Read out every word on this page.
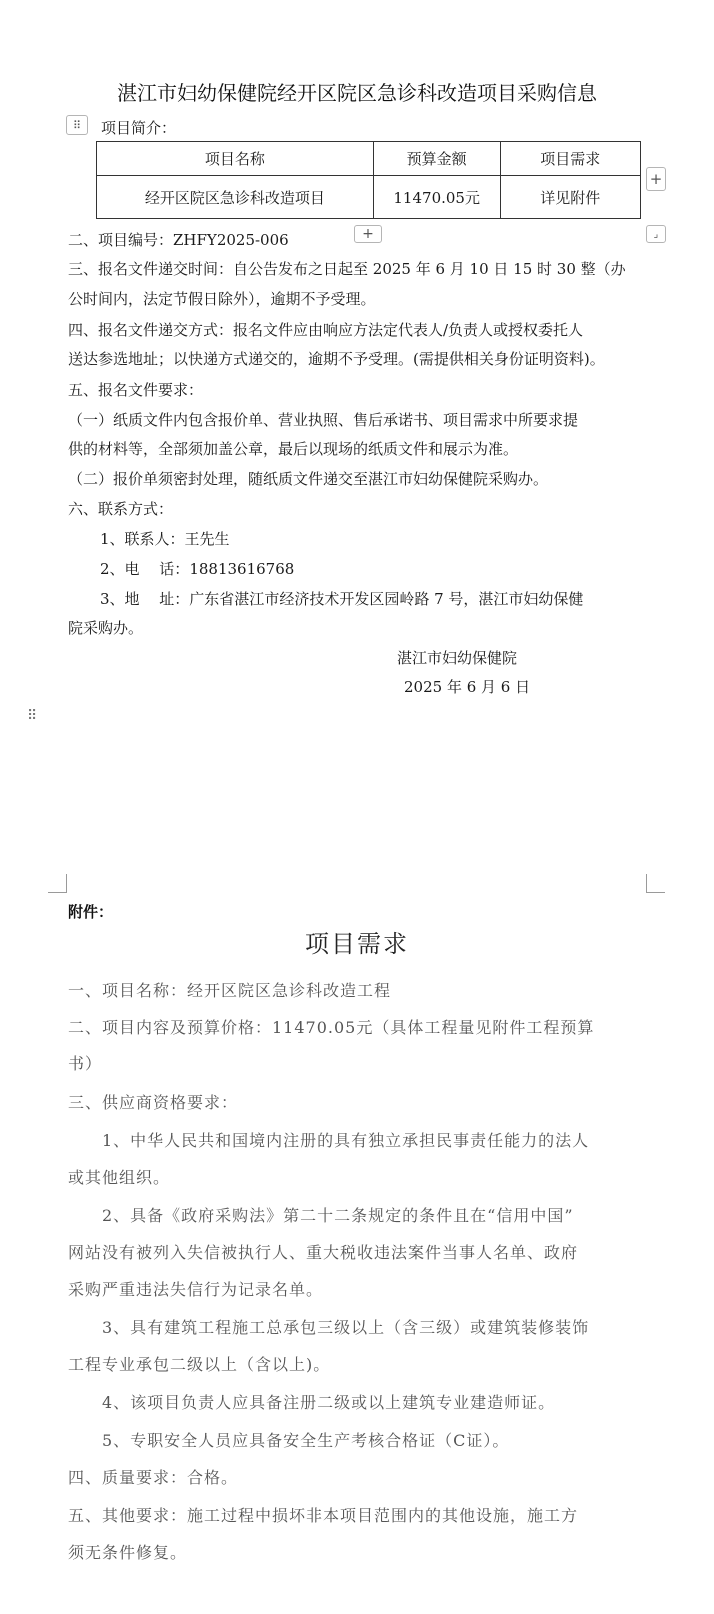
湛江市妇幼保健院经开区院区急诊科改造项目采购信息
⠿	项目简介：
项目名称	预算金额	项目需求
经开区院区急诊科改造项目	11470.05元	详见附件
+
+	⌟
二、项目编号：ZHFY2025-006
三、报名文件递交时间：自公告发布之日起至 2025 年 6 月 10 日 15 时 30 整（办
公时间内，法定节假日除外），逾期不予受理。
四、报名文件递交方式：报名文件应由响应方法定代表人/负责人或授权委托人
送达参选地址；以快递方式递交的，逾期不予受理。(需提供相关身份证明资料)。
五、报名文件要求：
（一）纸质文件内包含报价单、营业执照、售后承诺书、项目需求中所要求提
供的材料等，全部须加盖公章，最后以现场的纸质文件和展示为准。
（二）报价单须密封处理，随纸质文件递交至湛江市妇幼保健院采购办。
六、联系方式：
1、联系人：王先生
2、电　 话：18813616768
3、地　 址：广东省湛江市经济技术开发区园岭路 7 号，湛江市妇幼保健
院采购办。
湛江市妇幼保健院
2025 年 6 月 6 日
⠿
附件：
项目需求
一、项目名称：经开区院区急诊科改造工程
二、项目内容及预算价格：11470.05元（具体工程量见附件工程预算
书）
三、供应商资格要求：
1、中华人民共和国境内注册的具有独立承担民事责任能力的法人
或其他组织。
2、具备《政府采购法》第二十二条规定的条件且在“信用中国”
网站没有被列入失信被执行人、重大税收违法案件当事人名单、政府
采购严重违法失信行为记录名单。
3、具有建筑工程施工总承包三级以上（含三级）或建筑装修装饰
工程专业承包二级以上（含以上)。
4、该项目负责人应具备注册二级或以上建筑专业建造师证。
5、专职安全人员应具备安全生产考核合格证（C证）。
四、质量要求：合格。
五、其他要求：施工过程中损坏非本项目范围内的其他设施，施工方
须无条件修复。
